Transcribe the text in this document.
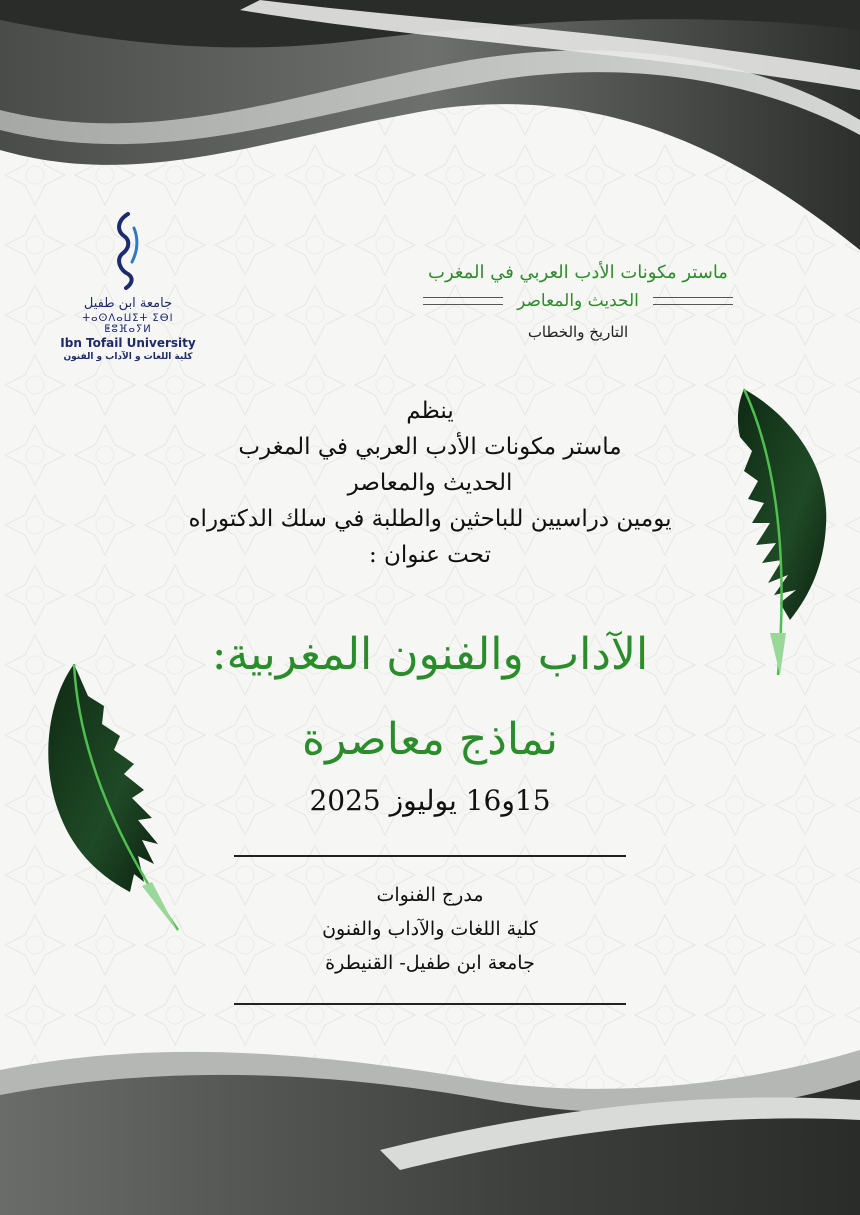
جامعة ابن طفيل
ⵜⴰⵙⴷⴰⵡⵉⵜ ⵉⴱⵏ ⵟⵓⴼⴰⵢⵍ
Ibn Tofail University
كلية اللغات و الآداب و الفنون
ماستر مكونات الأدب العربي في المغرب
الحديث والمعاصر
التاريخ والخطاب
ينظم
ماستر مكونات الأدب العربي في المغرب
الحديث والمعاصر
يومين دراسيين للباحثين والطلبة في سلك الدكتوراه
تحت عنوان :
الآداب والفنون المغربية:
نماذج معاصرة
15و16 يوليوز 2025
مدرج الفنوات
كلية اللغات والآداب والفنون
جامعة ابن طفيل- القنيطرة
